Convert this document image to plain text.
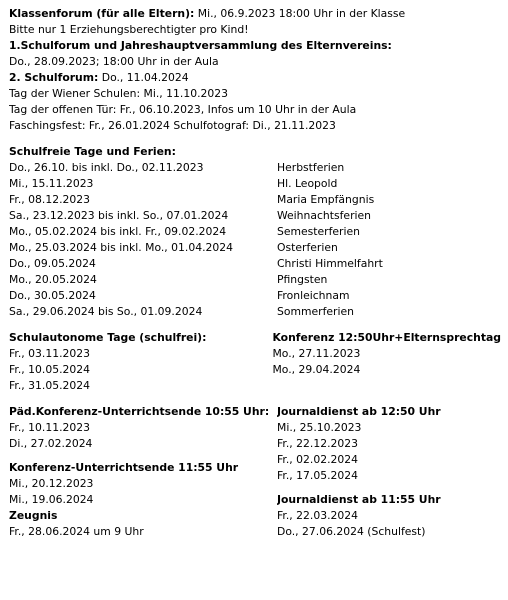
Klassenforum (für alle Eltern): Mi., 06.9.2023 18:00 Uhr in der Klasse
Bitte nur 1 Erziehungsberechtigter pro Kind!
1.Schulforum und Jahreshauptversammlung des Elternvereins:
Do., 28.09.2023; 18:00 Uhr in der Aula
2. Schulforum: Do., 11.04.2024
Tag der Wiener Schulen: Mi., 11.10.2023
Tag der offenen Tür: Fr., 06.10.2023, Infos um 10 Uhr in der Aula
Faschingsfest: Fr., 26.01.2024 Schulfotograf: Di., 21.11.2023
Schulfreie Tage und Ferien:
Do., 26.10. bis inkl. Do., 02.11.2023	Herbstferien
Mi., 15.11.2023	Hl. Leopold
Fr., 08.12.2023	Maria Empfängnis
Sa., 23.12.2023 bis inkl. So., 07.01.2024	Weihnachtsferien
Mo., 05.02.2024 bis inkl. Fr., 09.02.2024	Semesterferien
Mo., 25.03.2024 bis inkl. Mo., 01.04.2024	Osterferien
Do., 09.05.2024	Christi Himmelfahrt
Mo., 20.05.2024	Pfingsten
Do., 30.05.2024	Fronleichnam
Sa., 29.06.2024 bis So., 01.09.2024	Sommerferien
Schulautonome Tage (schulfrei):
Fr., 03.11.2023
Fr., 10.05.2024
Fr., 31.05.2024
Konferenz 12:50Uhr+Elternsprechtag
Mo., 27.11.2023
Mo., 29.04.2024
Päd.Konferenz-Unterrichtsende 10:55 Uhr:
Fr., 10.11.2023
Di., 27.02.2024
Konferenz-Unterrichtsende 11:55 Uhr
Mi., 20.12.2023
Mi., 19.06.2024
Zeugnis
Fr., 28.06.2024 um 9 Uhr
Journaldienst ab 12:50 Uhr
Mi., 25.10.2023
Fr., 22.12.2023
Fr., 02.02.2024
Fr., 17.05.2024
Journaldienst ab 11:55 Uhr
Fr., 22.03.2024
Do., 27.06.2024 (Schulfest)
